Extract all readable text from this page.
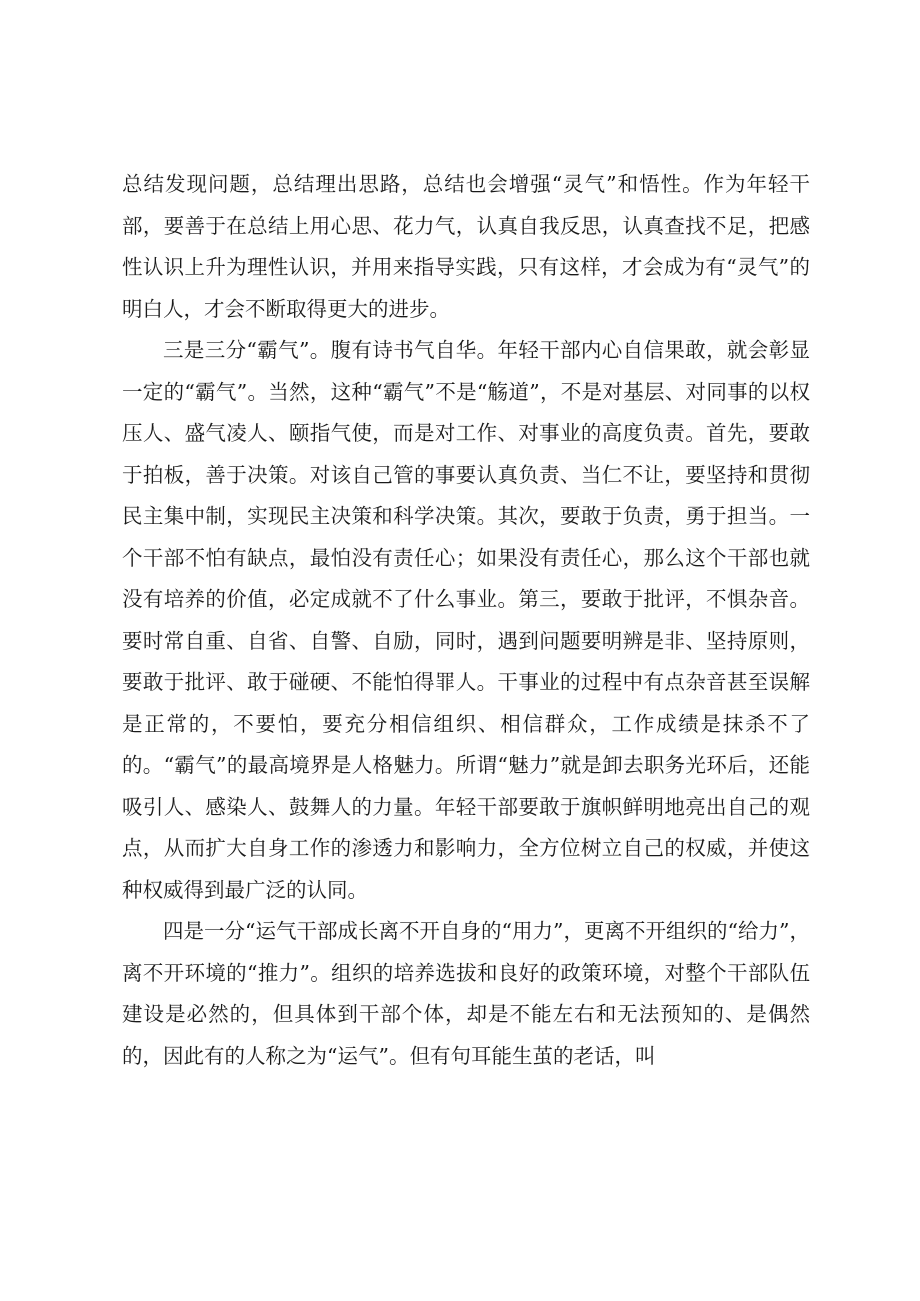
总结发现问题，总结理出思路，总结也会增强“灵气”和悟性。作为年轻干部，要善于在总结上用心思、花力气，认真自我反思，认真查找不足，把感性认识上升为理性认识，并用来指导实践，只有这样，才会成为有“灵气”的明白人，才会不断取得更大的进步。

三是三分“霸气”。腹有诗书气自华。年轻干部内心自信果敢，就会彰显一定的“霸气”。当然，这种“霸气”不是“觞道”，不是对基层、对同事的以权压人、盛气凌人、颐指气使，而是对工作、对事业的高度负责。首先，要敢于拍板，善于决策。对该自己管的事要认真负责、当仁不让，要坚持和贯彻民主集中制，实现民主决策和科学决策。其次，要敢于负责，勇于担当。一个干部不怕有缺点，最怕没有责任心；如果没有责任心，那么这个干部也就没有培养的价值，必定成就不了什么事业。第三，要敢于批评，不惧杂音。要时常自重、自省、自警、自励，同时，遇到问题要明辨是非、坚持原则，要敢于批评、敢于碰硬、不能怕得罪人。干事业的过程中有点杂音甚至误解是正常的，不要怕，要充分相信组织、相信群众，工作成绩是抹杀不了的。“霸气”的最高境界是人格魅力。所谓“魅力”就是卸去职务光环后，还能吸引人、感染人、鼓舞人的力量。年轻干部要敢于旗帜鲜明地亮出自己的观点，从而扩大自身工作的渗透力和影响力，全方位树立自己的权威，并使这种权威得到最广泛的认同。

四是一分“运气干部成长离不开自身的“用力”，更离不开组织的“给力”，离不开环境的“推力”。组织的培养选拔和良好的政策环境，对整个干部队伍建设是必然的，但具体到干部个体，却是不能左右和无法预知的、是偶然的，因此有的人称之为“运气”。但有句耳能生茧的老话，叫
